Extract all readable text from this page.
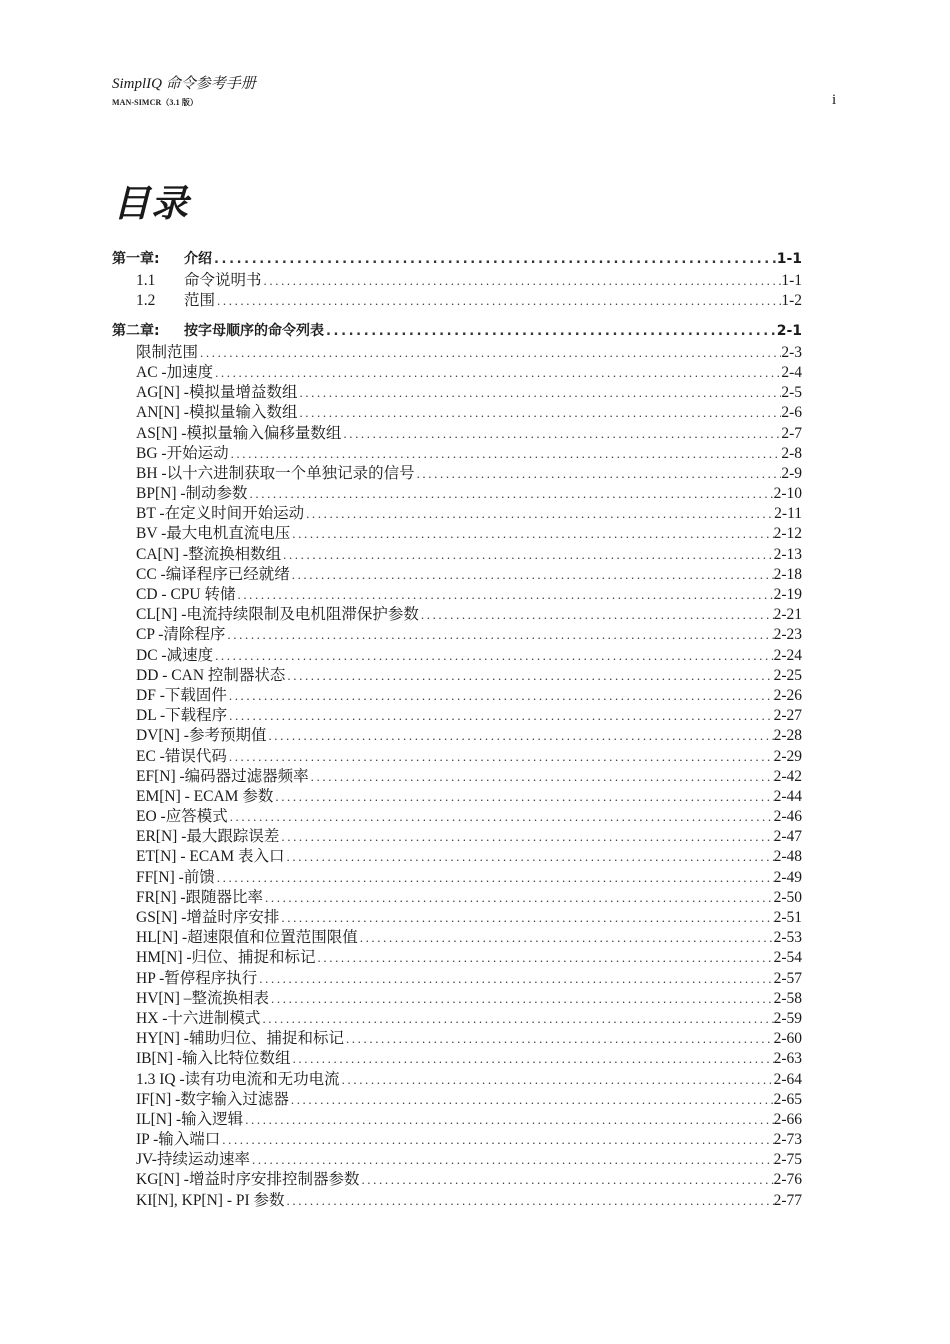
SimplIQ 命令参考手册
MAN-SIMCR（3.1 版）	i
目录
第一章: 介绍 .....	1-1
1.1 命令说明书 .....	1-1
1.2 范围 .....	1-2
第二章: 按字母顺序的命令列表 .....	2-1
限制范围 .....	2-3
AC -加速度 .....	2-4
AG[N] -模拟量增益数组 .....	2-5
AN[N] -模拟量输入数组 .....	2-6
AS[N] -模拟量输入偏移量数组 .....	2-7
BG -开始运动 .....	2-8
BH -以十六进制获取一个单独记录的信号 .....	2-9
BP[N] -制动参数 .....	2-10
BT -在定义时间开始运动 .....	2-11
BV -最大电机直流电压 .....	2-12
CA[N] -整流换相数组 .....	2-13
CC -编译程序已经就绪 .....	2-18
CD - CPU 转储 .....	2-19
CL[N] -电流持续限制及电机阻滞保护参数 .....	2-21
CP -清除程序 .....	2-23
DC -减速度 .....	2-24
DD - CAN 控制器状态 .....	2-25
DF -下载固件 .....	2-26
DL -下载程序 .....	2-27
DV[N] -参考预期值 .....	2-28
EC -错误代码 .....	2-29
EF[N] -编码器过滤器频率 .....	2-42
EM[N] - ECAM 参数 .....	2-44
EO -应答模式 .....	2-46
ER[N] -最大跟踪误差 .....	2-47
ET[N] - ECAM 表入口 .....	2-48
FF[N] -前馈 .....	2-49
FR[N] -跟随器比率 .....	2-50
GS[N] -增益时序安排 .....	2-51
HL[N] -超速限值和位置范围限值 .....	2-53
HM[N] -归位、捕捉和标记 .....	2-54
HP -暂停程序执行 .....	2-57
HV[N] –整流换相表 .....	2-58
HX -十六进制模式 .....	2-59
HY[N] -辅助归位、捕捉和标记 .....	2-60
IB[N] -输入比特位数组 .....	2-63
1.3 IQ -读有功电流和无功电流 .....	2-64
IF[N] -数字输入过滤器 .....	2-65
IL[N] -输入逻辑 .....	2-66
IP -输入端口 .....	2-73
JV-持续运动速率 .....	2-75
KG[N] -增益时序安排控制器参数 .....	2-76
KI[N], KP[N] - PI 参数 .....	2-77
